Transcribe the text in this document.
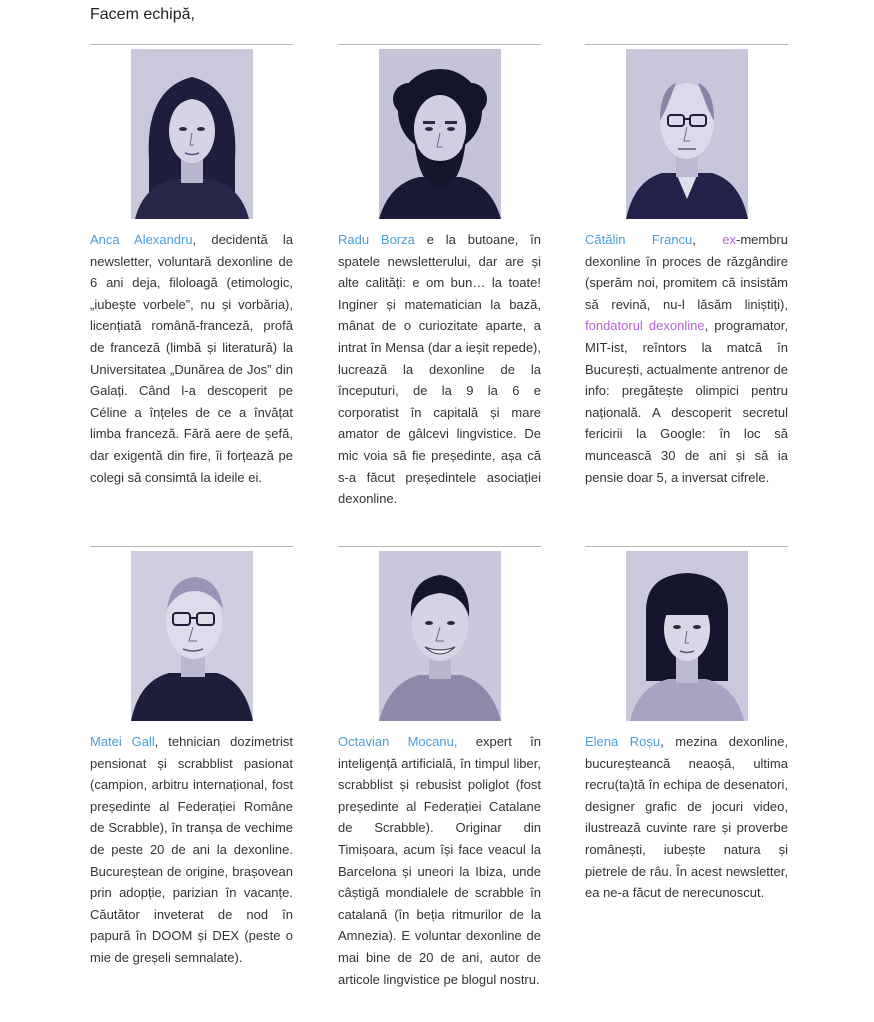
Facem echipă,
Anca Alexandru, decidentă la newsletter, voluntară dexonline de 6 ani deja, filoloagă (etimologic, „iubește vorbele”, nu și vorbăria), licențiată română-franceză, profă de franceză (limbă și literatură) la Universitatea „Dunărea de Jos” din Galați. Când l-a descoperit pe Céline a înțeles de ce a învățat limba franceză. Fără aere de șefă, dar exigentă din fire, îi forțează pe colegi să consimtă la ideile ei.
Radu Borza e la butoane, în spatele newsletterului, dar are și alte calități: e om bun… la toate! Inginer și matematician la bază, mânat de o curiozitate aparte, a intrat în Mensa (dar a ieșit repede), lucrează la dexonline de la începuturi, de la 9 la 6 e corporatist în capitală și mare amator de gâlcevi lingvistice. De mic voia să fie președinte, așa că s-a făcut președintele asociației dexonline.
Cătălin Francu, ex-membru dexonline în proces de răzgândire (sperăm noi, promitem că insistăm să revină, nu-l lăsăm liniștiți), fondatorul dexonline, programator, MIT-ist, reîntors la matcă în București, actualmente antrenor de info: pregătește olimpici pentru națională. A descoperit secretul fericirii la Google: în loc să muncească 30 de ani și să ia pensie doar 5, a inversat cifrele.
Matei Gall, tehnician dozimetrist pensionat și scrabblist pasionat (campion, arbitru internațional, fost președinte al Federației Române de Scrabble), în tranșa de vechime de peste 20 de ani la dexonline. Bucureștean de origine, brașovean prin adopție, parizian în vacanțe. Căutător inveterat de nod în papură în DOOM și DEX (peste o mie de greșeli semnalate).
Octavian Mocanu, expert în inteligență artificială, în timpul liber, scrabblist și rebusist poliglot (fost președinte al Federației Catalane de Scrabble). Originar din Timișoara, acum își face veacul la Barcelona și uneori la Ibiza, unde câștigă mondialele de scrabble în catalană (în beția ritmurilor de la Amnezia). E voluntar dexonline de mai bine de 20 de ani, autor de articole lingvistice pe blogul nostru.
Elena Roșu, mezina dexonline, bucureșteancă neaoșă, ultima recru(ta)tă în echipa de desenatori, designer grafic de jocuri video, ilustrează cuvinte rare și proverbe românești, iubește natura și pietrele de râu. În acest newsletter, ea ne-a făcut de nerecunoscut.
